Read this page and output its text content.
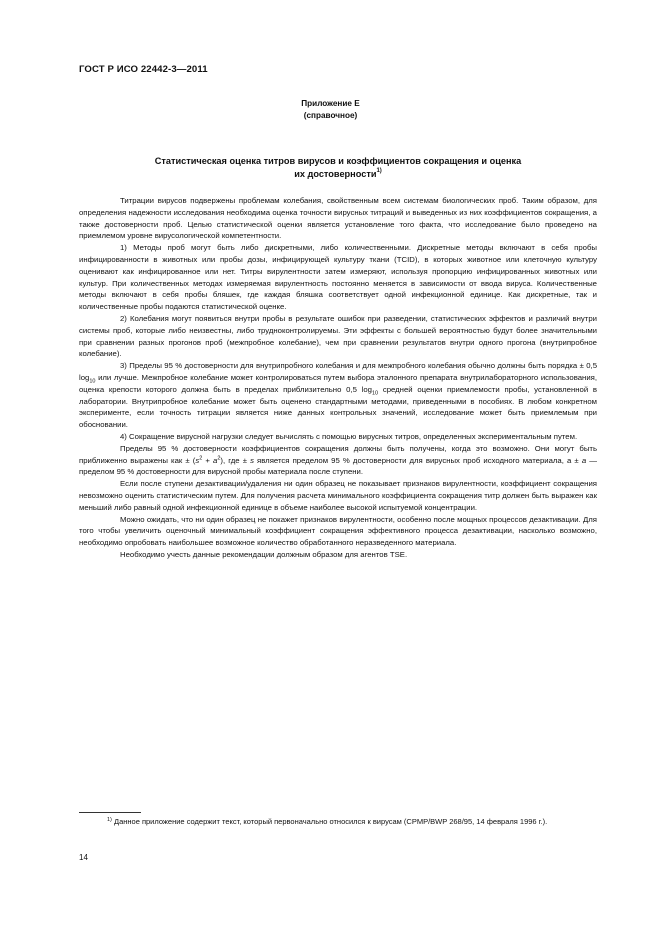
ГОСТ Р ИСО 22442-3—2011
Приложение E
(справочное)
Статистическая оценка титров вирусов и коэффициентов сокращения и оценка
их достоверности$^{1)}$

Титрации вирусов подвержены проблемам колебания, свойственным всем системам биологических проб. Таким образом, для определения надежности исследования необходима оценка точности вирусных титраций и выведенных из них коэффициентов сокращения, а также достоверности проб. Целью статистической оценки является установление того факта, что исследование было проведено на приемлемом уровне вирусологической компетентности.

1) Методы проб могут быть либо дискретными, либо количественными. Дискретные методы включают в себя пробы инфицированности в животных или пробы дозы, инфицирующей культуру ткани (TCID), в которых животное или клеточную культуру оценивают как инфицированное или нет. Титры вирулентности затем измеряют, используя пропорцию инфицированных животных или культур. При количественных методах измеряемая вирулентность постоянно меняется в зависимости от ввода вируса. Количественные методы включают в себя пробы бляшек, где каждая бляшка соответствует одной инфекционной единице. Как дискретные, так и количественные пробы подаются статистической оценке.

2) Колебания могут появиться внутри пробы в результате ошибок при разведении, статистических эффектов и различий внутри системы проб, которые либо неизвестны, либо трудноконтролируемы. Эти эффекты с большей вероятностью будут более значительными при сравнении разных прогонов проб (межпробное колебание), чем при сравнении результатов внутри одного прогона (внутрипробное колебание).

3) Пределы 95 % достоверности для внутрипробного колебания и для межпробного колебания обычно должны быть порядка ± 0,5 $\log_{10}$ или лучше. Межпробное колебание может контролироваться путем выбора эталонного препарата внутрилабораторного использования, оценка крепости которого должна быть в пределах приблизительно 0,5 $\log_{10}$ средней оценки приемлемости пробы, установленной в лаборатории. Внутрипробное колебание может быть оценено стандартными методами, приведенными в пособиях. В любом конкретном эксперименте, если точность титрации является ниже данных контрольных значений, исследование может быть приемлемым при обосновании.

4) Сокращение вирусной нагрузки следует вычислять с помощью вирусных титров, определенных экспериментальным путем.

Пределы 95 % достоверности коэффициентов сокращения должны быть получены, когда это возможно. Они могут быть приближенно выражены как ± $(s^2 + a^2)$, где ± s является пределом 95 % достоверности для вирусных проб исходного материала, а ± a — пределом 95 % достоверности для вирусной пробы материала после ступени.

Если после ступени дезактивации/удаления ни один образец не показывает признаков вирулентности, коэффициент сокращения невозможно оценить статистическим путем. Для получения расчета минимального коэффициента сокращения титр должен быть выражен как меньший либо равный одной инфекционной единице в объеме наиболее высокой испытуемой концентрации.

Можно ожидать, что ни один образец не покажет признаков вирулентности, особенно после мощных процессов дезактивации. Для того чтобы увеличить оценочный минимальный коэффициент сокращения эффективного процесса дезактивации, насколько возможно, необходимо опробовать наибольшее возможное количество обработанного неразведенного материала.

Необходимо учесть данные рекомендации должным образом для агентов TSE.

1) Данное приложение содержит текст, который первоначально относился к вирусам (CPMP/BWP 268/95, 14 февраля 1996 г.).
14
